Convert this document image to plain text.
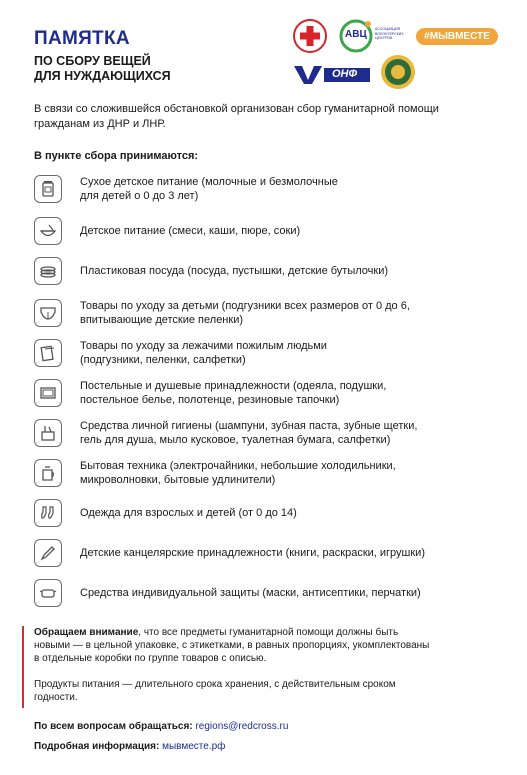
ПАМЯТКА
ПО СБОРУ ВЕЩЕЙ
ДЛЯ НУЖДАЮЩИХСЯ
АВЦ АССОЦИАЦИЯ ВОЛОНТЕРСКИХ ЦЕНТРОВ	#МЫВМЕСТЕ
ОНФ
В связи со сложившейся обстановкой организован сбор гуманитарной помощи гражданам из ДНР и ЛНР.
В пункте сбора принимаются:
Сухое детское питание (молочные и безмолочные
для детей о 0 до 3 лет)
Детское питание (смеси, каши, пюре, соки)
Пластиковая посуда (посуда, пустышки, детские бутылочки)
Товары по уходу за детьми (подгузники всех размеров от 0 до 6,
впитывающие детские пеленки)
Товары по уходу за лежачими пожилым людьми
(подгузники, пеленки, салфетки)
Постельные и душевые принадлежности (одеяла, подушки,
постельное белье, полотенце, резиновые тапочки)
Средства личной гигиены (шампуни, зубная паста, зубные щетки,
гель для душа, мыло кусковое, туалетная бумага, салфетки)
Бытовая техника (электрочайники, небольшие холодильники,
микроволновки, бытовые удлинители)
Одежда для взрослых и детей (от 0 до 14)
Детские канцелярские принадлежности (книги, раскраски, игрушки)
Средства индивидуальной защиты (маски, антисептики, перчатки)
Обращаем внимание, что все предметы гуманитарной помощи должны быть новыми — в цельной упаковке, с этикетками, в равных пропорциях, укомплектованы в отдельные коробки по группе товаров с описью.
Продукты питания — длительного срока хранения, с действительным сроком годности.
По всем вопросам обращаться: regions@redcross.ru
Подробная информация: мывместе.рф
